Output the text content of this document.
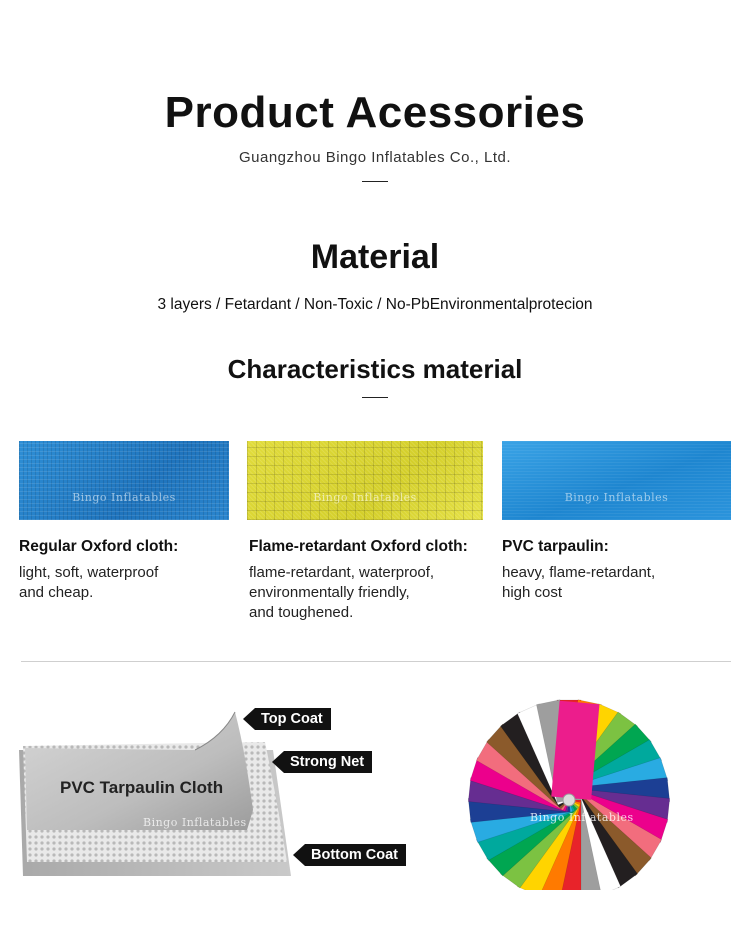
Product Acessories
Guangzhou Bingo Inflatables Co., Ltd.
Material
3 layers / Fetardant / Non-Toxic / No-PbEnvironmentalprotecion
Characteristics material
Bingo Inflatables	Bingo Inflatables	Bingo Inflatables
Regular Oxford cloth:
light, soft, waterproof
and cheap.
Flame-retardant Oxford cloth:
flame-retardant, waterproof,
environmentally friendly,
and toughened.
PVC tarpaulin:
heavy, flame-retardant,
high cost
PVC Tarpaulin Cloth
Bingo Inflatables
Top Coat
Strong Net
Bottom Coat
Bingo Inflatables
